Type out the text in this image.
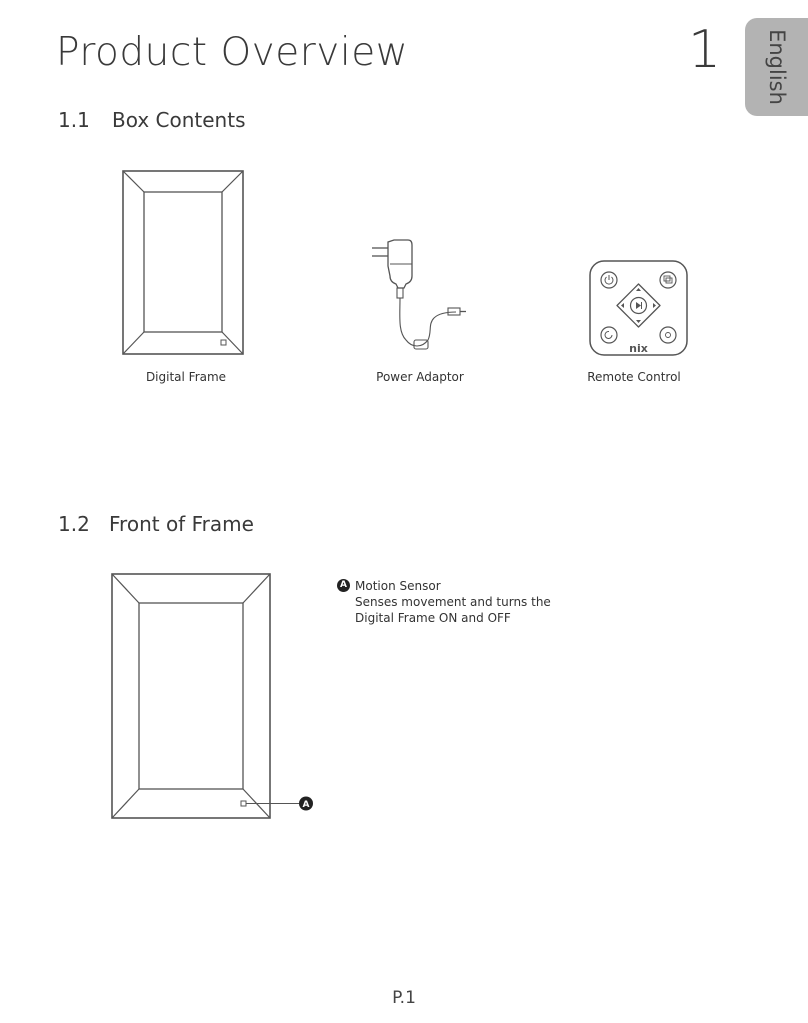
Product Overview	1 English
1.1 Box Contents
Digital Frame	Power Adaptor
nix
Remote Control
1.2 Front of Frame
A
A Motion Sensor
Senses movement and turns the
Digital Frame ON and OFF
P.1
